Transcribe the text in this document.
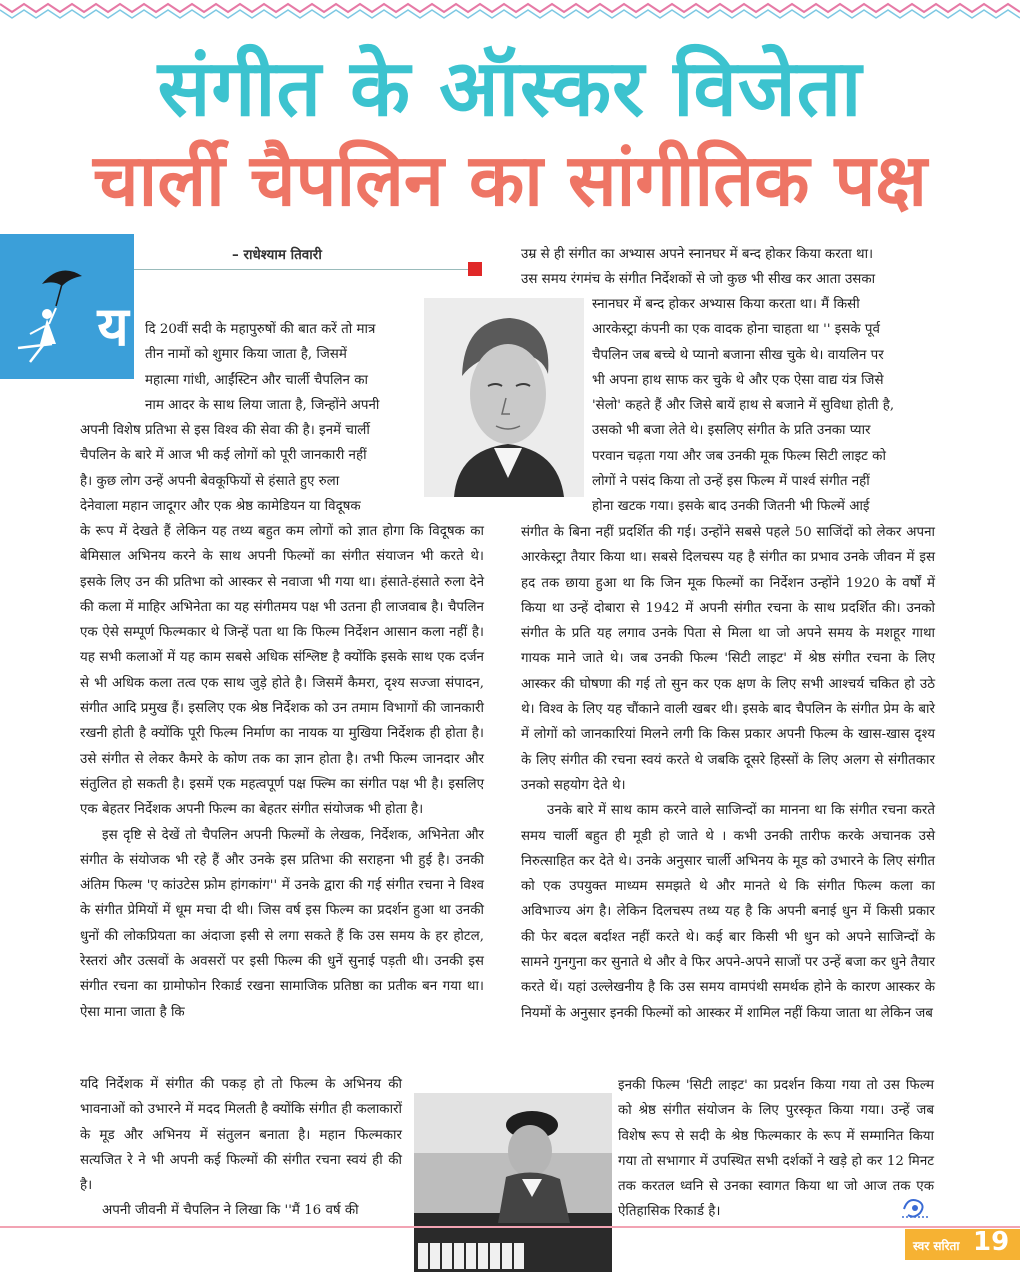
संगीत के ऑस्कर विजेता
चार्ली चैपलिन का सांगीतिक पक्ष
य
– राधेश्याम तिवारी
दि 20वीं सदी के महापुरुषों की बात करें तो मात्र
तीन नामों को शुमार किया जाता है, जिसमें
महात्मा गांधी, आईंस्टिन और चार्ली चैपलिन का
नाम आदर के साथ लिया जाता है, जिन्होंने अपनी
अपनी विशेष प्रतिभा से इस विश्व की सेवा की है। इनमें चार्ली
चैपलिन के बारे में आज भी कई लोगों को पूरी जानकारी नहीं
है। कुछ लोग उन्हें अपनी बेवकूफियों से हंसाते हुए रुला
देनेवाला महान जादूगर और एक श्रेष्ठ कामेडियन या विदूषक

के रूप में देखते हैं लेकिन यह तथ्य बहुत कम लोगों को ज्ञात होगा कि विदूषक का बेमिसाल अभिनय करने के साथ अपनी फिल्मों का संगीत संयाजन भी करते थे। इसके लिए उन की प्रतिभा को आस्कर से नवाजा भी गया था। हंसाते-हंसाते रुला देने की कला में माहिर अभिनेता का यह संगीतमय पक्ष भी उतना ही लाजवाब है। चैपलिन एक ऐसे सम्पूर्ण फिल्मकार थे जिन्हें पता था कि फिल्म निर्देशन आसान कला नहीं है। यह सभी कलाओं में यह काम सबसे अधिक संश्लिष्ट है क्योंकि इसके साथ एक दर्जन से भी अधिक कला तत्व एक साथ जुड़े होते है। जिसमें कैमरा, दृश्य सज्जा संपादन, संगीत आदि प्रमुख हैं। इसलिए एक श्रेष्ठ निर्देशक को उन तमाम विभागों की जानकारी रखनी होती है क्योंकि पूरी फिल्म निर्माण का नायक या मुखिया निर्देशक ही होता है। उसे संगीत से लेकर कैमरे के कोण तक का ज्ञान होता है। तभी फिल्म जानदार और संतुलित हो सकती है। इसमें एक महत्वपूर्ण पक्ष फ्ल्मि का संगीत पक्ष भी है। इसलिए एक बेहतर निर्देशक अपनी फिल्म का बेहतर संगीत संयोजक भी होता है।

इस दृष्टि से देखें तो चैपलिन अपनी फिल्मों के लेखक, निर्देशक, अभिनेता और संगीत के संयोजक भी रहे हैं और उनके इस प्रतिभा की सराहना भी हुई है। उनकी अंतिम फिल्म 'ए कांउटेस फ्रोम हांगकांग'' में उनके द्वारा की गई संगीत रचना ने विश्व के संगीत प्रेमियों में धूम मचा दी थी। जिस वर्ष इस फिल्म का प्रदर्शन हुआ था उनकी धुनों की लोकप्रियता का अंदाजा इसी से लगा सकते हैं कि उस समय के हर होटल, रेस्तरां और उत्सवों के अवसरों पर इसी फिल्म की धुनें सुनाई पड़ती थी। उनकी इस संगीत रचना का ग्रामोफोन रिकार्ड रखना सामाजिक प्रतिष्ठा का प्रतीक बन गया था। ऐसा माना जाता है कि

यदि निर्देशक में संगीत की पकड़ हो तो फिल्म के अभिनय की भावनाओं को उभारने में मदद मिलती है क्योंकि संगीत ही कलाकारों के मूड और अभिनय में संतुलन बनाता है। महान फिल्मकार सत्यजित रे ने भी अपनी कई फिल्मों की संगीत रचना स्वयं ही की है।

अपनी जीवनी में चैपलिन ने लिखा कि ''मैं 16 वर्ष की

उम्र से ही संगीत का अभ्यास अपने स्नानघर में बन्द होकर किया करता था।
उस समय रंगमंच के संगीत निर्देशकों से जो कुछ भी सीख कर आता उसका
स्नानघर में बन्द होकर अभ्यास किया करता था। मैं किसी
आरकेस्ट्रा कंपनी का एक वादक होना चाहता था '' इसके पूर्व
चैपलिन जब बच्चे थे प्यानो बजाना सीख चुके थे। वायलिन पर
भी अपना हाथ साफ कर चुके थे और एक ऐसा वाद्य यंत्र जिसे
'सेलो' कहते हैं और जिसे बायें हाथ से बजाने में सुविधा होती है,
उसको भी बजा लेते थे। इसलिए संगीत के प्रति उनका प्यार
परवान चढ़ता गया और जब उनकी मूक फिल्म सिटी लाइट को
लोगों ने पसंद किया तो उन्हें इस फिल्म में पार्श्व संगीत नहीं
होना खटक गया। इसके बाद उनकी जितनी भी फिल्में आई

संगीत के बिना नहीं प्रदर्शित की गई। उन्होंने सबसे पहले 50 साजिंदों को लेकर अपना आरकेस्ट्रा तैयार किया था। सबसे दिलचस्प यह है संगीत का प्रभाव उनके जीवन में इस हद तक छाया हुआ था कि जिन मूक फिल्मों का निर्देशन उन्होंने 1920 के वर्षों में किया था उन्हें दोबारा से 1942 में अपनी संगीत रचना के साथ प्रदर्शित की। उनको संगीत के प्रति यह लगाव उनके पिता से मिला था जो अपने समय के मशहूर गाथा गायक माने जाते थे। जब उनकी फिल्म 'सिटी लाइट' में श्रेष्ठ संगीत रचना के लिए आस्कर की घोषणा की गई तो सुन कर एक क्षण के लिए सभी आश्चर्य चकित हो उठे थे। विश्व के लिए यह चौंकाने वाली खबर थी। इसके बाद चैपलिन के संगीत प्रेम के बारे में लोगों को जानकारियां मिलने लगी कि किस प्रकार अपनी फिल्म के खास-खास दृश्य के लिए संगीत की रचना स्वयं करते थे जबकि दूसरे हिस्सों के लिए अलग से संगीतकार उनको सहयोग देते थे।

उनके बारे में साथ काम करने वाले साजिन्दों का मानना था कि संगीत रचना करते समय चार्ली बहुत ही मूडी हो जाते थे । कभी उनकी तारीफ करके अचानक उसे निरुत्साहित कर देते थे। उनके अनुसार चार्ली अभिनय के मूड को उभारने के लिए संगीत को एक उपयुक्त माध्यम समझते थे और मानते थे कि संगीत फिल्म कला का अविभाज्य अंग है। लेकिन दिलचस्प तथ्य यह है कि अपनी बनाई धुन में किसी प्रकार की फेर बदल बर्दाश्त नहीं करते थे। कई बार किसी भी धुन को अपने साजिन्दों के सामने गुनगुना कर सुनाते थे और वे फिर अपने-अपने साजों पर उन्हें बजा कर धुने तैयार करते थें। यहां उल्लेखनीय है कि उस समय वामपंथी समर्थक होने के कारण आस्कर के नियमों के अनुसार इनकी फिल्मों को आस्कर में शामिल नहीं किया जाता था लेकिन जब

इनकी फिल्म 'सिटी लाइट' का प्रदर्शन किया गया तो उस फिल्म को श्रेष्ठ संगीत संयोजन के लिए पुरस्कृत किया गया। उन्हें जब विशेष रूप से सदी के श्रेष्ठ फिल्मकार के रूप में सम्मानित किया गया तो सभागार में उपस्थित सभी दर्शकों ने खड़े हो कर 12 मिनट तक करतल ध्वनि से उनका स्वागत किया था जो आज तक एक ऐतिहासिक रिकार्ड है।

स्वर सरिता 19
